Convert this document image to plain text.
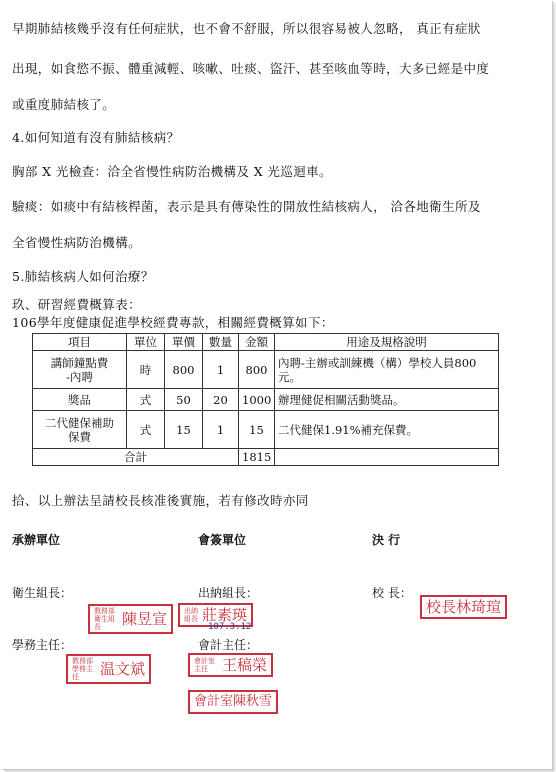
早期肺結核幾乎沒有任何症狀，也不會不舒服，所以很容易被人忽略， 真正有症狀
出現，如食慾不振、體重減輕、咳嗽、吐痰、盜汗、甚至咳血等時，大多已經是中度
或重度肺結核了。
4.如何知道有沒有肺結核病？
胸部 X 光檢查：洽全省慢性病防治機構及 X 光巡迴車。
驗痰：如痰中有結核桿菌，表示是具有傳染性的開放性結核病人， 洽各地衛生所及
全省慢性病防治機構。
5.肺結核病人如何治療？
玖、研習經費概算表：
106學年度健康促進學校經費專款，相關經費概算如下：
項目	單位	單價	數量	金額	用途及規格說明
講師鐘點費
-內聘	時	800	1	800	內聘-主辦或訓練機（構）學校人員800元。
獎品	式	50	20	1000	辦理健促相關活動獎品。
二代健保補助
保費	式	15	1	15	二代健保1.91%補充保費。
合計				1815	
拾、以上辦法呈請校長核准後實施，若有修改時亦同
承辦單位	會簽單位	決 行
衛生組長：	出納組長：	校 長：
學務主任：	會計主任：
教務部衛生組長	陳昱宣 出納組長 莊素瑛
107.3.12
校長林琦瑄
教務部學務主任	温文斌	會計室主任 王稿榮
會計室陳秋雪
